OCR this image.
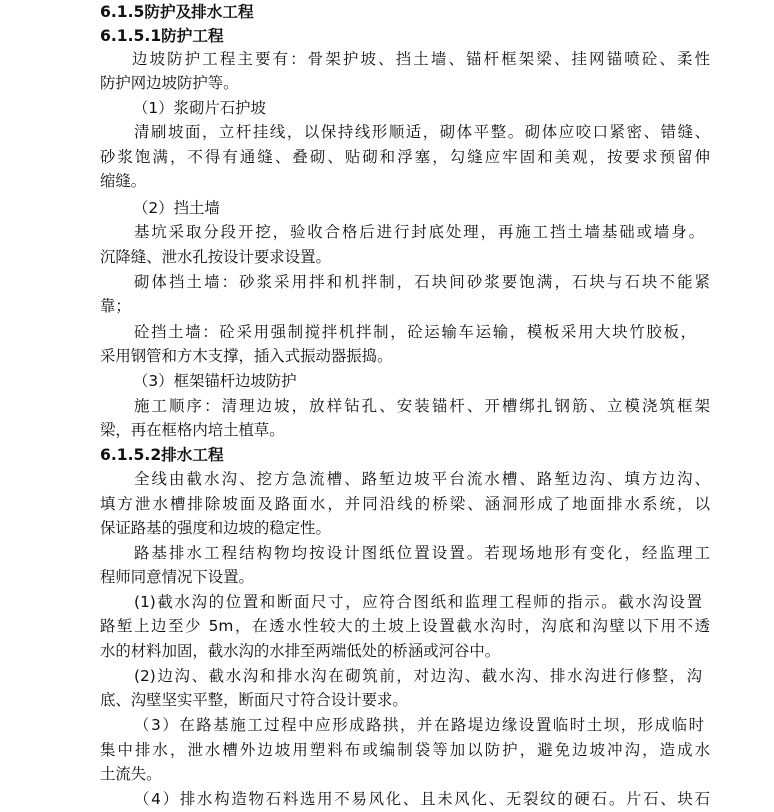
6.1.5防护及排水工程
6.1.5.1防护工程
边坡防护工程主要有：骨架护坡、挡土墙、锚杆框架梁、挂网锚喷砼、柔性
防护网边坡防护等。
（1）浆砌片石护坡
清刷坡面，立杆挂线，以保持线形顺适，砌体平整。砌体应咬口紧密、错缝、
砂浆饱满，不得有通缝、叠砌、贴砌和浮塞，勾缝应牢固和美观，按要求预留伸
缩缝。
（2）挡土墙
基坑采取分段开挖，验收合格后进行封底处理，再施工挡土墙基础或墙身。
沉降缝、泄水孔按设计要求设置。
砌体挡土墙：砂浆采用拌和机拌制，石块间砂浆要饱满，石块与石块不能紧
靠；
砼挡土墙：砼采用强制搅拌机拌制，砼运输车运输，模板采用大块竹胶板，
采用钢管和方木支撑，插入式振动器振捣。
（3）框架锚杆边坡防护
施工顺序：清理边坡，放样钻孔、安装锚杆、开槽绑扎钢筋、立模浇筑框架
梁，再在框格内培土植草。
6.1.5.2排水工程
全线由截水沟、挖方急流槽、路堑边坡平台流水槽、路堑边沟、填方边沟、
填方泄水槽排除坡面及路面水，并同沿线的桥梁、涵洞形成了地面排水系统，以
保证路基的强度和边坡的稳定性。
路基排水工程结构物均按设计图纸位置设置。若现场地形有变化，经监理工
程师同意情况下设置。
(1)截水沟的位置和断面尺寸，应符合图纸和监理工程师的指示。截水沟设置
路堑上边至少 5m，在透水性较大的土坡上设置截水沟时，沟底和沟壁以下用不透
水的材料加固，截水沟的水排至两端低处的桥涵或河谷中。
(2)边沟、截水沟和排水沟在砌筑前，对边沟、截水沟、排水沟进行修整，沟
底、沟壁坚实平整，断面尺寸符合设计要求。
（3）在路基施工过程中应形成路拱，并在路堤边缘设置临时土坝，形成临时
集中排水，泄水槽外边坡用塑料布或编制袋等加以防护，避免边坡冲沟，造成水
土流失。
（4）排水构造物石料选用不易风化、且未风化、无裂纹的硬石。片石、块石
